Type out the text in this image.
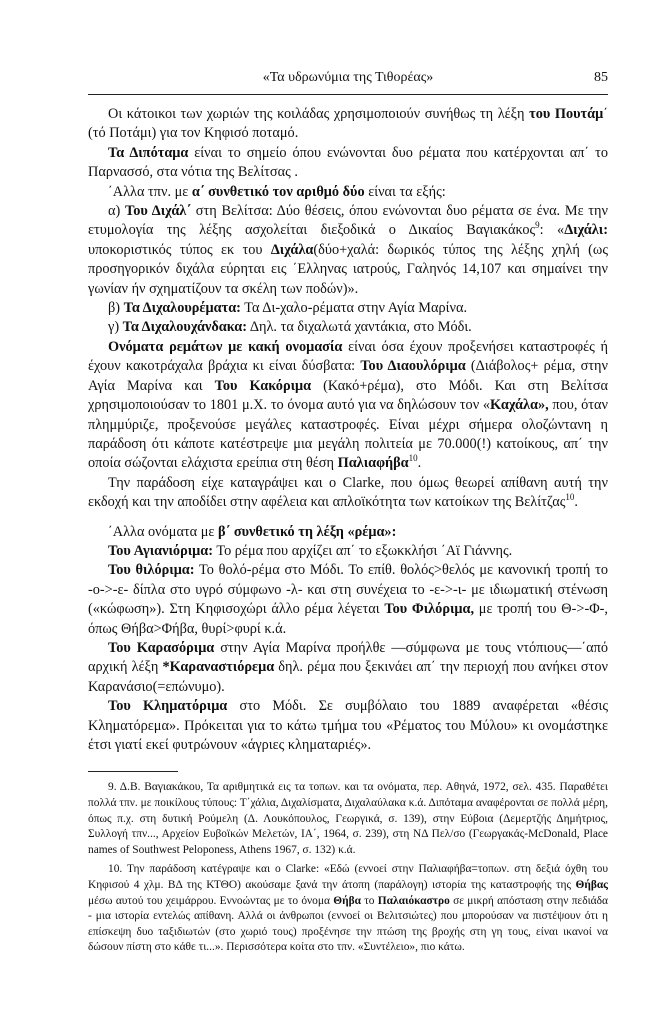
«Τα υδρωνύμια της Τιθορέας»	85

Οι κάτοικοι των χωριών της κοιλάδας χρησιμοποιούν συνήθως τη λέξη του Πουτάμ΄ (τό Ποτάμι) για τον Κηφισό ποταμό.

Τα Διπόταμα είναι το σημείο όπου ενώνονται δυο ρέματα που κατέρχονται απ΄ το Παρνασσό, στα νότια της Βελίτσας .

΄Αλλα τπν. με α΄ συνθετικό τον αριθμό δύο είναι τα εξής:

α) Του Διχάλ΄ στη Βελίτσα: Δύο θέσεις, όπου ενώνονται δυο ρέματα σε ένα. Με την ετυμολογία της λέξης ασχολείται διεξοδικά ο Δικαίος Βαγιακάκος$^9$: «Διχάλι: υποκοριστικός τύπος εκ του Διχάλα(δύο+χαλά: δωρικός τύπος της λέξης χηλή (ως προσηγορικόν διχάλα εύρηται εις ΄Ελληνας ιατρούς, Γαληνός 14,107 και σημαίνει την γωνίαν ήν σχηματίζουν τα σκέλη των ποδών)».

β) Τα Διχαλουρέματα: Τα Δι-χαλο-ρέματα στην Αγία Μαρίνα.

γ) Τα Διχαλουχάνδακα: Δηλ. τα διχαλωτά χαντάκια, στο Μόδι.

Ονόματα ρεμάτων με κακή ονομασία είναι όσα έχουν προξενήσει καταστροφές ή έχουν κακοτράχαλα βράχια κι είναι δύσβατα: Του Διαουλόριμα (Διάβολος+ ρέμα, στην Αγία Μαρίνα και Του Κακόριμα (Κακό+ρέμα), στο Μόδι. Και στη Βελίτσα χρησιμοποιούσαν το 1801 μ.Χ. το όνομα αυτό για να δηλώσουν τον «Καχάλα», που, όταν πλημμύριζε, προξενούσε μεγάλες καταστροφές. Είναι μέχρι σήμερα ολοζώντανη η παράδοση ότι κάποτε κατέστρεψε μια μεγάλη πολιτεία με 70.000(!) κατοίκους, απ΄ την οποία σώζονται ελάχιστα ερείπια στη θέση Παλιαφήβα$^{10}$.

Την παράδοση είχε καταγράψει και ο Clarke, που όμως θεωρεί απίθανη αυτή την εκδοχή και την αποδίδει στην αφέλεια και απλοϊκότητα των κατοίκων της Βελίτζας$^{10}$.

΄Αλλα ονόματα με β΄ συνθετικό τη λέξη «ρέμα»:

Του Αγιανιόριμα: Το ρέμα που αρχίζει απ΄ το εξωκκλήσι ΄Αϊ Γιάννης.

Του θιλόριμα: Το θολό-ρέμα στο Μόδι. Το επίθ. θολός>θελός με κανονική τροπή το -ο->-ε- δίπλα στο υγρό σύμφωνο -λ- και στη συνέχεια το -ε->-ι- με ιδιωματική στένωση («κώφωση»). Στη Κηφισοχώρι άλλο ρέμα λέγεται Του Φιλόριμα, με τροπή του Θ->-Φ-, όπως Θήβα>Φήβα, θυρί>φυρί κ.ά.

Του Καρασόριμα στην Αγία Μαρίνα προήλθε —σύμφωνα με τους ντόπιους—΄από αρχική λέξη *Καραναστιόρεμα δηλ. ρέμα που ξεκινάει απ΄ την περιοχή που ανήκει στον Καρανάσιο(=επώνυμο).

Του Κληματόριμα στο Μόδι. Σε συμβόλαιο του 1889 αναφέρεται «θέσις Κληματόρεμα». Πρόκειται για το κάτω τμήμα του «Ρέματος του Μύλου» κι ονομάστηκε έτσι γιατί εκεί φυτρώνουν «άγριες κληματαριές».

9. Δ.Β. Βαγιακάκου, Τα αριθμητικά εις τα τοπων. και τα ονόματα, περ. Αθηνά, 1972, σελ. 435. Παραθέτει πολλά τπν. με ποικίλους τύπους: Τ΄χάλια, Διχαλίσματα, Διχαλαύλακα κ.ά. Διπόταμα αναφέρονται σε πολλά μέρη, όπως π.χ. στη δυτική Ρούμελη (Δ. Λουκόπουλος, Γεωργικά, σ. 139), στην Εύβοια (Δεμερτζής Δημήτριος, Συλλογή τπν..., Αρχείον Ευβοϊκών Μελετών, ΙΑ΄, 1964, σ. 239), στη ΝΔ Πελ/σο (Γεωργακάς-McDonald, Place names of Southwest Peloponess, Athens 1967, σ. 132) κ.ά.

10. Την παράδοση κατέγραψε και ο Clarke: «Εδώ (εννοεί στην Παλιαφήβα=τοπων. στη δεξιά όχθη του Κηφισού 4 χλμ. ΒΔ της ΚΤΘΟ) ακούσαμε ξανά την άτοπη (παράλογη) ιστορία της καταστροφής της Θήβας μέσω αυτού του χειμάρρου. Εννοώντας με το όνομα Θήβα το Παλαιόκαστρο σε μικρή απόσταση στην πεδιάδα - μια ιστορία εντελώς απίθανη. Αλλά οι άνθρωποι (εννοεί οι Βελιτσιώτες) που μπορούσαν να πιστέψουν ότι η επίσκεψη δυο ταξιδιωτών (στο χωριό τους) προξένησε την πτώση της βροχής στη γη τους, είναι ικανοί να δώσουν πίστη στο κάθε τι...». Περισσότερα κοίτα στο τπν. «Συντέλειο», πιο κάτω.
